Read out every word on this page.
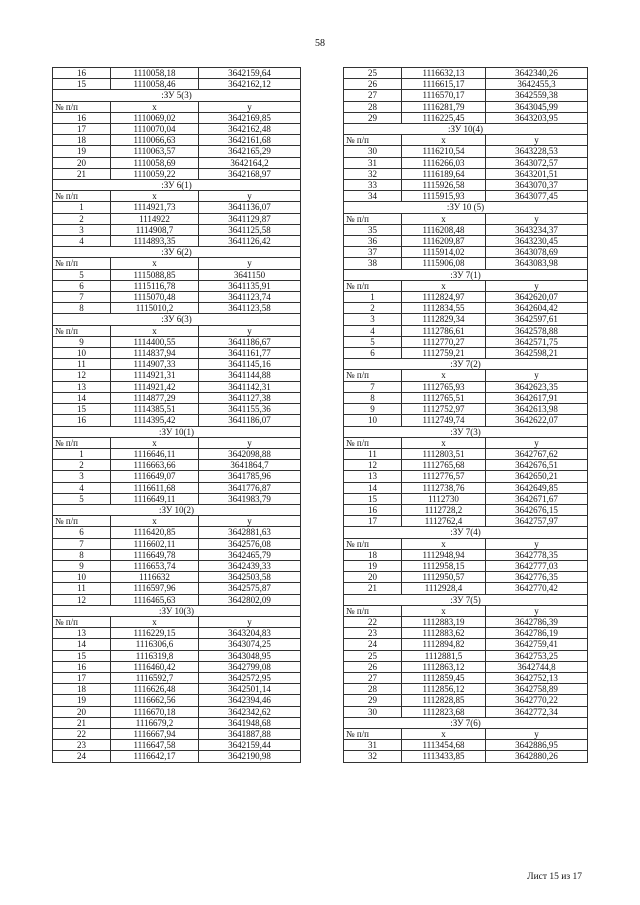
58
16	1110058,18	3642159,64
15	1110058,46	3642162,12
:ЗУ 5(3)		
№ п/п	x	y
16	1110069,02	3642169,85
17	1110070,04	3642162,48
18	1110066,63	3642161,68
19	1110063,57	3642165,29
20	1110058,69	3642164,2
21	1110059,22	3642168,97
:ЗУ 6(1)		
№ п/п	x	y
1	1114921,73	3641136,07
2	1114922	3641129,87
3	1114908,7	3641125,58
4	1114893,35	3641126,42
:ЗУ 6(2)		
№ п/п	x	y
5	1115088,85	3641150
6	1115116,78	3641135,91
7	1115070,48	3641123,74
8	1115010,2	3641123,58
:ЗУ 6(3)		
№ п/п	x	y
9	1114400,55	3641186,67
10	1114837,94	3641161,77
11	1114907,33	3641145,16
12	1114921,31	3641144,88
13	1114921,42	3641142,31
14	1114877,29	3641127,38
15	1114385,51	3641155,36
16	1114395,42	3641186,07
:ЗУ 10(1)		
№ п/п	x	y
1	1116646,11	3642098,88
2	1116663,66	3641864,7
3	1116649,07	3641785,96
4	1116611,68	3641776,87
5	1116649,11	3641983,79
:ЗУ 10(2)		
№ п/п	x	y
6	1116420,85	3642881,63
7	1116602,11	3642576,08
8	1116649,78	3642465,79
9	1116653,74	3642439,33
10	1116632	3642503,58
11	1116597,96	3642575,87
12	1116465,63	3642802,09
:ЗУ 10(3)		
№ п/п	x	y
13	1116229,15	3643204,83
14	1116306,6	3643074,25
15	1116319,8	3643048,95
16	1116460,42	3642799,08
17	1116592,7	3642572,95
18	1116626,48	3642501,14
19	1116662,56	3642394,46
20	1116670,18	3642342,62
21	1116679,2	3641948,68
22	1116667,94	3641887,88
23	1116647,58	3642159,44
24	1116642,17	3642190,98
25	1116632,13	3642340,26
26	1116615,17	3642455,3
27	1116570,17	3642559,38
28	1116281,79	3643045,99
29	1116225,45	3643203,95
:ЗУ 10(4)		
№ п/п	x	y
30	1116210,54	3643228,53
31	1116266,03	3643072,57
32	1116189,64	3643201,51
33	1115926,58	3643070,37
34	1115915,93	3643077,45
:ЗУ 10 (5)		
№ п/п	x	y
35	1116208,48	3643234,37
36	1116209,87	3643230,45
37	1115914,02	3643078,69
38	1115906,08	3643083,98
:ЗУ 7(1)		
№ п/п	x	y
1	1112824,97	3642620,07
2	1112834,55	3642604,42
3	1112829,34	3642597,61
4	1112786,61	3642578,88
5	1112770,27	3642571,75
6	1112759,21	3642598,21
:ЗУ 7(2)		
№ п/п	x	y
7	1112765,93	3642623,35
8	1112765,51	3642617,91
9	1112752,97	3642613,98
10	1112749,74	3642622,07
:ЗУ 7(3)		
№ п/п	x	y
11	1112803,51	3642767,62
12	1112765,68	3642676,51
13	1112776,57	3642650,21
14	1112738,76	3642649,85
15	1112730	3642671,67
16	1112728,2	3642676,15
17	1112762,4	3642757,97
:ЗУ 7(4)		
№ п/п	x	y
18	1112948,94	3642778,35
19	1112958,15	3642777,03
20	1112950,57	3642776,35
21	1112928,4	3642770,42
:ЗУ 7(5)		
№ п/п	x	y
22	1112883,19	3642786,39
23	1112883,62	3642786,19
24	1112894,82	3642759,41
25	1112881,5	3642753,25
26	1112863,12	3642744,8
27	1112859,45	3642752,13
28	1112856,12	3642758,89
29	1112828,85	3642770,22
30	1112823,68	3642772,34
:ЗУ 7(6)		
№ п/п	x	y
31	1113454,68	3642886,95
32	1113433,85	3642880,26
Лист 15 из 17
